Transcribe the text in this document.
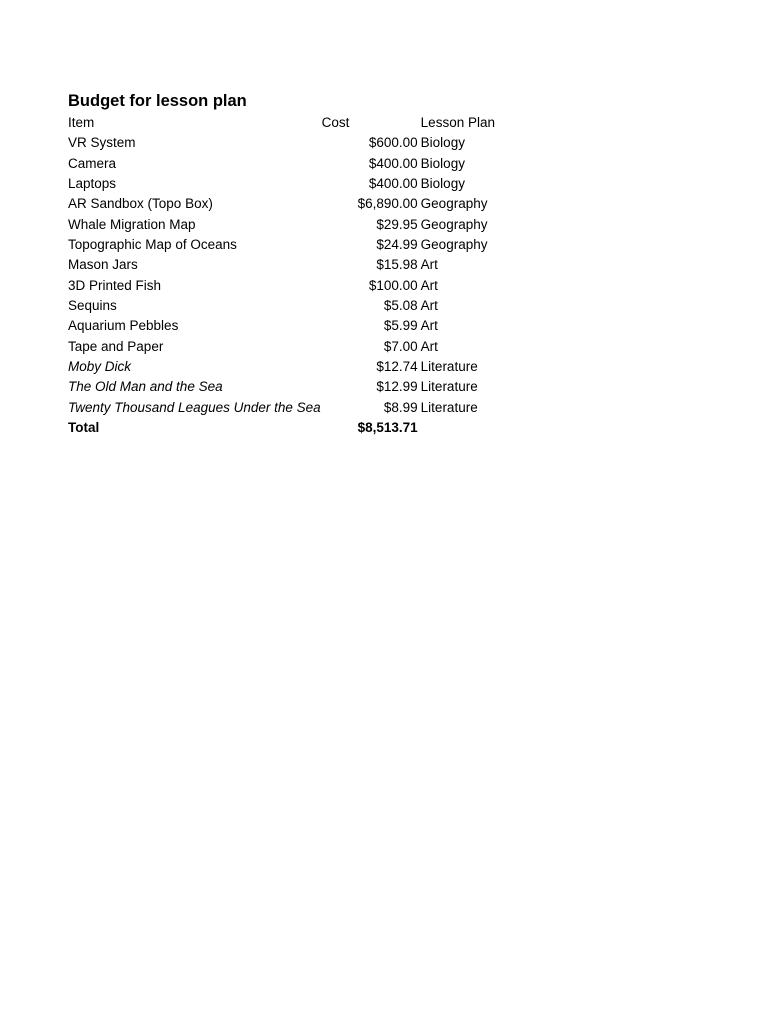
Budget for lesson plan
Item	Cost	Lesson Plan
VR System	$600.00	Biology
Camera	$400.00	Biology
Laptops	$400.00	Biology
AR Sandbox (Topo Box)	$6,890.00	Geography
Whale Migration Map	$29.95	Geography
Topographic Map of Oceans	$24.99	Geography
Mason Jars	$15.98	Art
3D Printed Fish	$100.00	Art
Sequins	$5.08	Art
Aquarium Pebbles	$5.99	Art
Tape and Paper	$7.00	Art
Moby Dick	$12.74	Literature
The Old Man and the Sea	$12.99	Literature
Twenty Thousand Leagues Under the Sea	$8.99	Literature
Total	$8,513.71	
